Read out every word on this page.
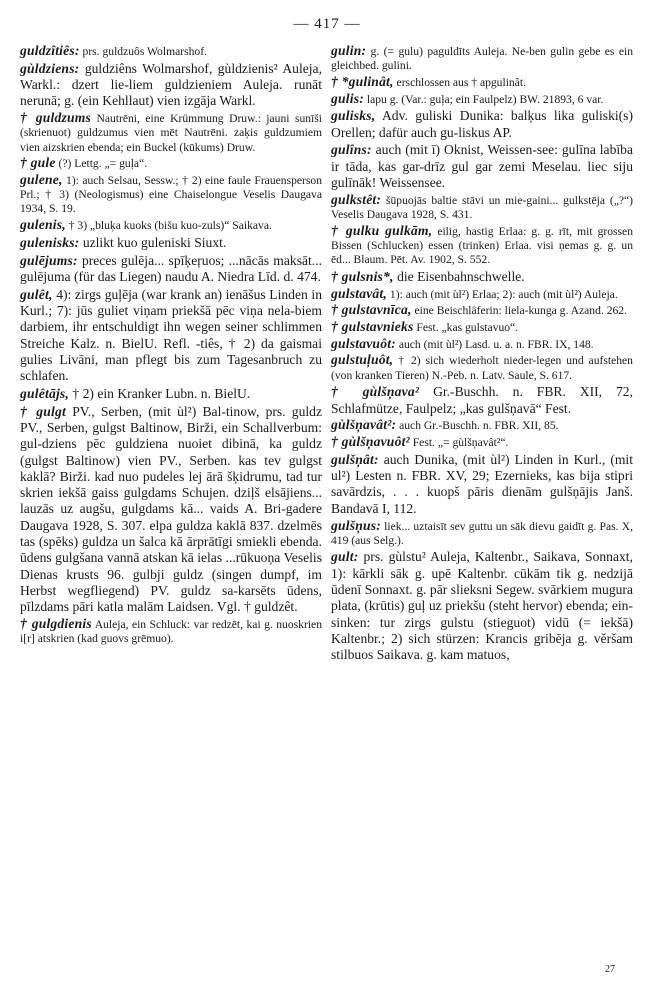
— 417 —

guldzîtiês: prs. guldzuôs Wolmarshof.

gùldziens: guldziêns Wolmarshof, gùldzienis² Auleja, Warkl.: dzert lie-liem guldzieniem Auleja. runāt nerunā; g. (ein Kehllaut) vien izgāja Warkl.

† guldzums Nautrēni, eine Krümmung Druw.: jauni sunīši (skrienuot) guldzumus vien mēt Nautrēni. zaķis guldzumiem vien aizskrien ebenda; ein Buckel (kūkums) Druw.

† gule (?) Lettg. „= guļa“.

gulene, 1): auch Selsau, Sessw.; † 2) eine faule Frauensperson Prl.; † 3) (Neologismus) eine Chaiselongue Veselis Daugava 1934, S. 19.

gulenis, † 3) „bluķa kuoks (bišu kuo-zuls)“ Saikava.

gulenisks: uzlikt kuo guleniski Siuxt.

gulējums: preces gulēja... spīķeŗuos; ...nācās maksāt... gulējuma (für das Liegen) naudu A. Niedra Līd. d. 474.

gulêt, 4): zirgs guļēja (war krank an) ienāšus Linden in Kurl.; 7): jūs guliet viņam priekšā pēc viņa nela-biem darbiem, ihr entschuldigt ihn wegen seiner schlimmen Streiche Kalz. n. BielU. Refl. -tiês, † 2) da gaismai gulies Livāni, man pflegt bis zum Tagesanbruch zu schlafen.

gulêtājs, † 2) ein Kranker Lubn. n. BielU.

† gulgt PV., Serben, (mit ùl²) Bal-tinow, prs. guldz PV., Serben, gulgst Baltinow, Birži, ein Schallverbum: gul-dziens pēc guldziena nuoiet dibinā, ka guldz (gulgst Baltinow) vien PV., Serben. kas tev gulgst kaklā? Birži. kad nuo pudeles lej ārā šķidrumu, tad tur skrien iekšā gaiss gulgdams Schujen. dziļš elsājiens... lauzās uz augšu, gulgdams kā... vaids A. Bri-gadere Daugava 1928, S. 307. elpa guldza kaklā 837. dzelmēs tas (spēks) guldza un šalca kā ārprātīgi smiekli ebenda. ūdens gulgšana vannā atskan kā ielas ...rūkuoņa Veselis Dienas krusts 96. gulbji guldz (singen dumpf, im Herbst wegfliegend) PV. guldz sa-karsēts ūdens, pīlzdams pāri katla malām Laidsen. Vgl. † guldzêt.

† gulgdienis Auleja, ein Schluck: var redzēt, kai g. nuoskrien i[r] atskrien (kad guovs grēmuo).

gulin: g. (= gulu) paguldīts Auleja. Ne-ben gulin gebe es ein gleichbed. gulini.

† *gulinât, erschlossen aus † apgulinât.

gulis: lapu g. (Var.: guļa; ein Faulpelz) BW. 21893, 6 var.

gulisks, Adv. guliski Dunika: balķus lika guliski(s) Orellen; dafür auch gu-liskus AP.

gulîns: auch (mit ī) Oknist, Weissen-see: gulīna labība ir tāda, kas gar-drīz gul gar zemi Meselau. liec siju gulīnāk! Weissensee.

gulkstêt: šūpuojās baltie stāvi un mie-gaini... gulkstēja („?“) Veselis Daugava 1928, S. 431.

† gulku gulkām, eilig, hastig Erlaa: g. g. rīt, mit grossen Bissen (Schlucken) essen (trinken) Erlaa. visi ņemas g. g. un ēd... Blaum. Pēt. Av. 1902, S. 552.

† gulsnis*, die Eisenbahnschwelle.

gulstavât, 1): auch (mit ùl²) Erlaa; 2): auch (mit ùl²) Auleja.

† gulstavnīca, eine Beischläferin: lielа-kunga g. Azand. 262.

† gulstavnieks Fest. „kas gulstavuo“.

gulstavuôt: auch (mit ùl²) Lasd. u. a. n. FBR. IX, 148.

gulstuļuôt, † 2) sich wiederholt nieder-legen und aufstehen (von kranken Tieren) N.-Peb. n. Latv. Saule, S. 617.

† gùlšņava² Gr.-Buschh. n. FBR. XII, 72, Schlafmütze, Faulpelz; „kas gulšņavā“ Fest.

gùlšņavât²: auch Gr.-Buschh. n. FBR. XII, 85.

† gùlšņavuôt² Fest. „= gùlšņavât²“.

gulšņât: auch Dunika, (mit ùl²) Linden in Kurl., (mit ul²) Lesten n. FBR. XV, 29; Ezernieks, kas bija stipri savārdzis, . . . kuopš pāris dienām gulšņājis Janš. Bandavā I, 112.

gulšņus: liek... uztaisīt sev guttu un sāk dievu gaidīt g. Pas. X, 419 (aus Selg.).

gult: prs. gùlstu² Auleja, Kaltenbr., Saikava, Sonnaxt, 1): kārkli sāk g. upē Kaltenbr. cūkām tik g. nedzijā ūdenī Sonnaxt. g. pār slieksni Segew. svārkiem mugura plata, (krūtis) guļ uz priekšu (steht hervor) ebenda; ein-sinken: tur zirgs gulstu (stieguot) vidū (= iekšā) Kaltenbr.; 2) sich stürzen: Krancis gribēja g. věršam stilbuos Saikava. g. kam matuos,

27
